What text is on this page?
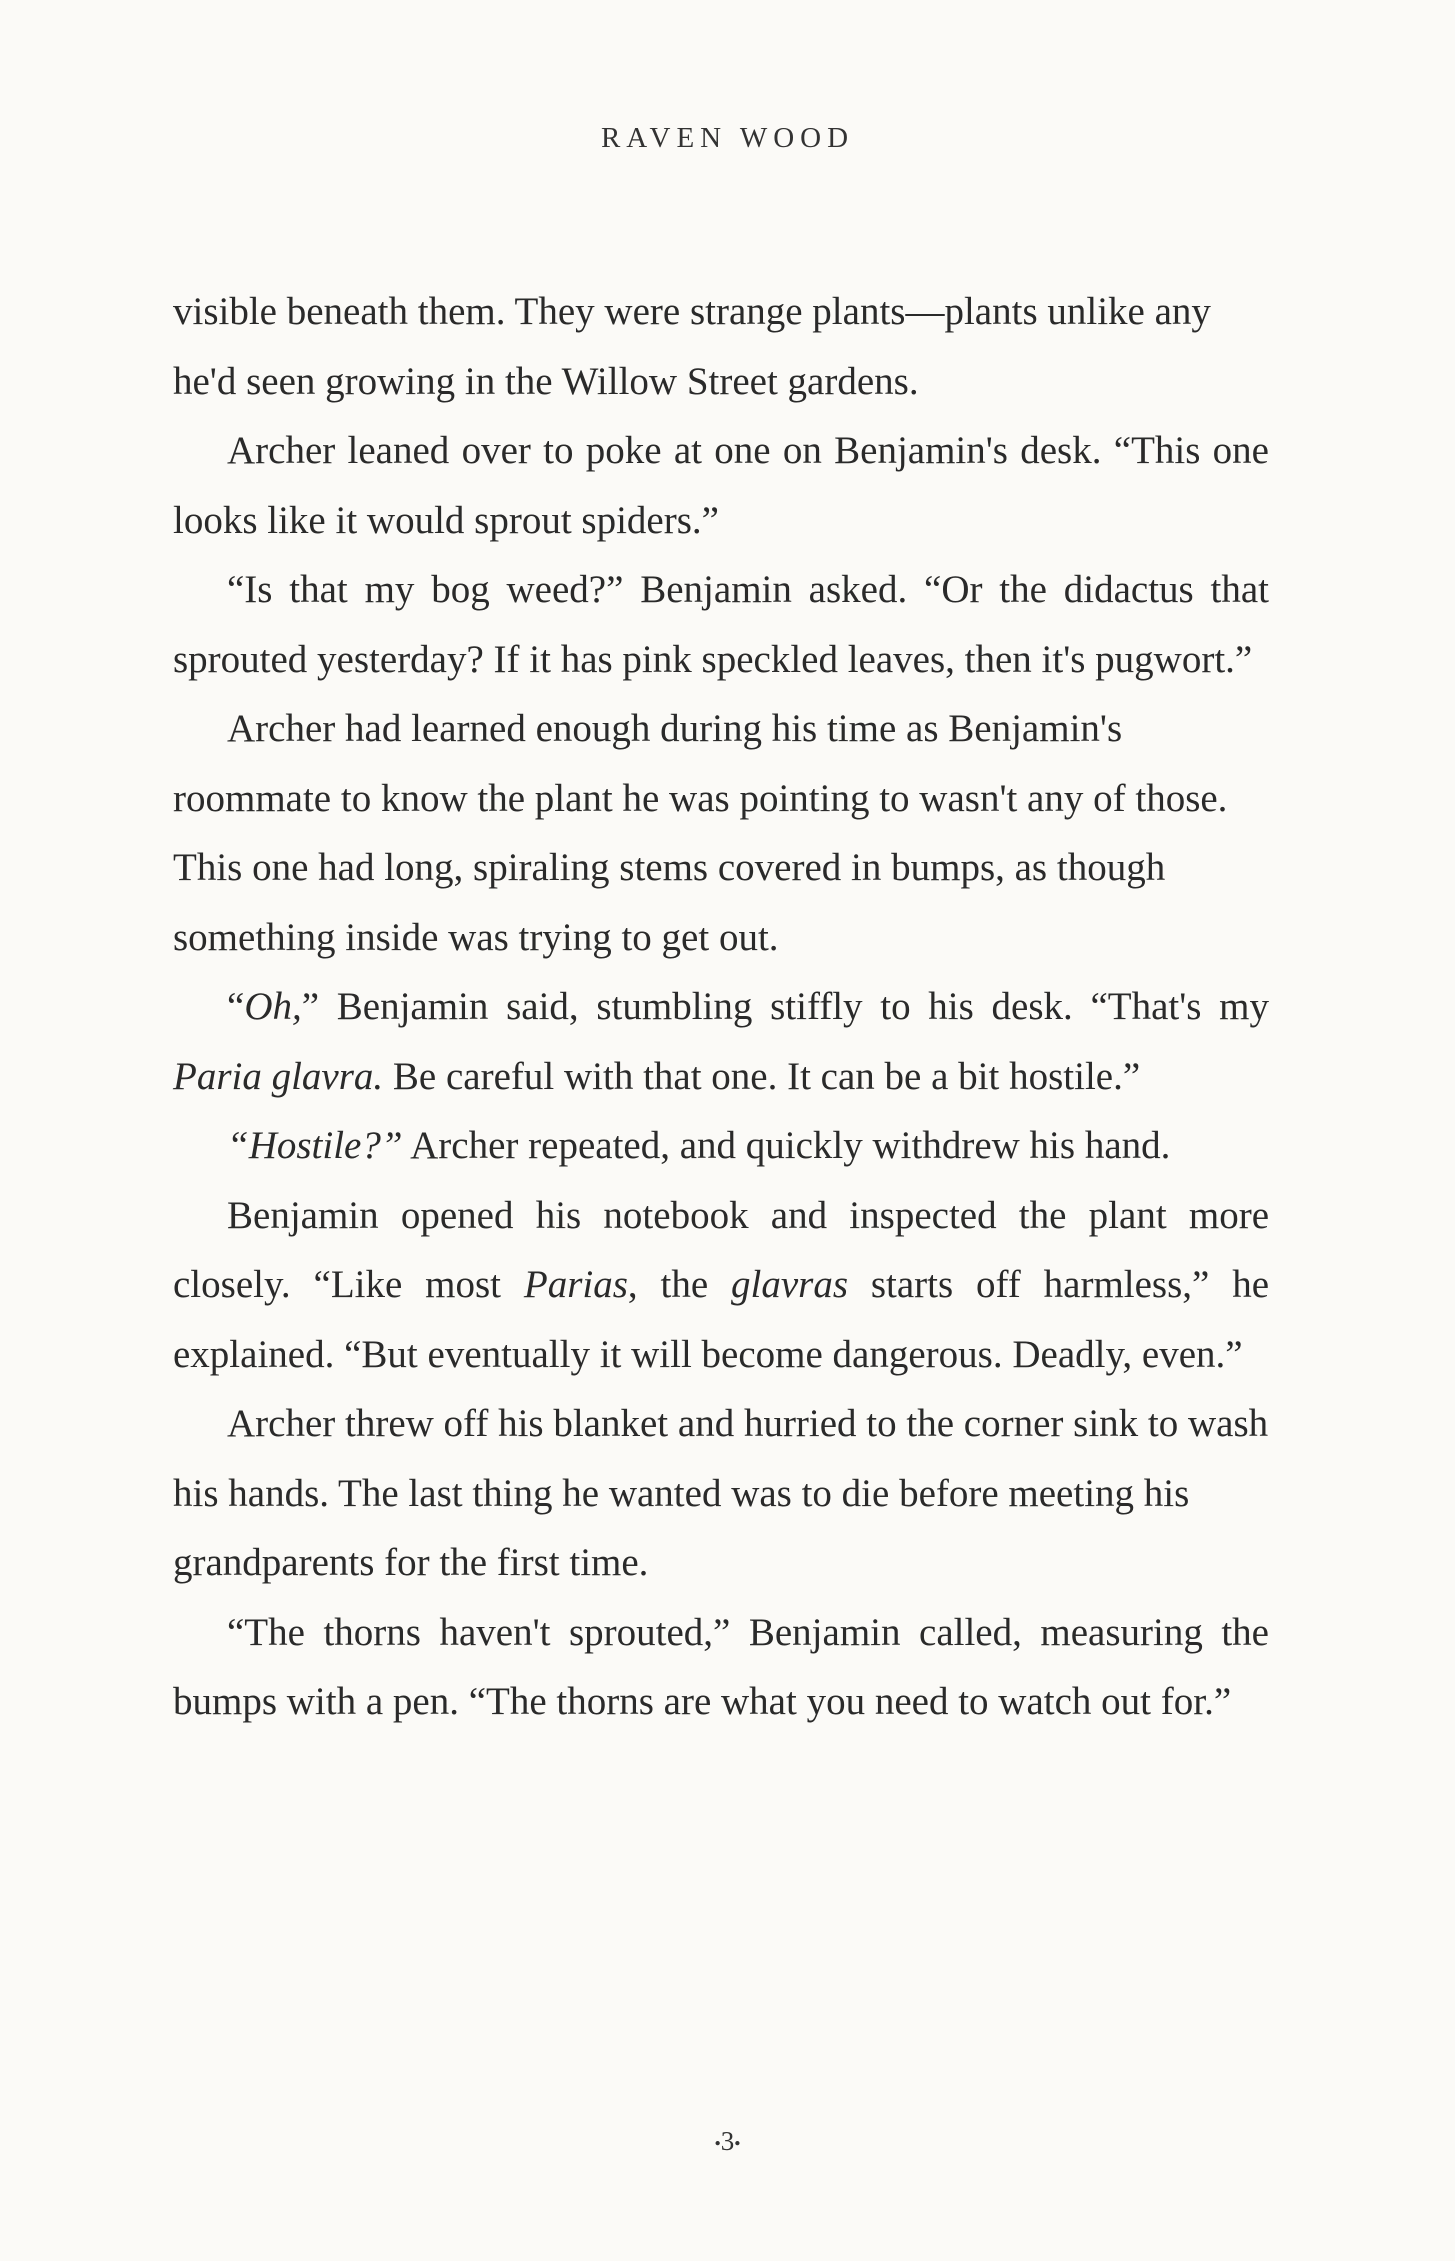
RAVEN WOOD

visible beneath them. They were strange plants—plants unlike any he'd seen growing in the Willow Street gardens.

Archer leaned over to poke at one on Benjamin's desk. “This one looks like it would sprout spiders.”

“Is that my bog weed?” Benjamin asked. “Or the didactus that sprouted yesterday? If it has pink speckled leaves, then it's pugwort.”

Archer had learned enough during his time as Benjamin's roommate to know the plant he was pointing to wasn't any of those. This one had long, spiraling stems covered in bumps, as though something inside was trying to get out.

“Oh,” Benjamin said, stumbling stiffly to his desk. “That's my Paria glavra. Be careful with that one. It can be a bit hostile.”

“Hostile?” Archer repeated, and quickly withdrew his hand.

Benjamin opened his notebook and inspected the plant more closely. “Like most Parias, the glavras starts off harmless,” he explained. “But eventually it will become dangerous. Deadly, even.”

Archer threw off his blanket and hurried to the corner sink to wash his hands. The last thing he wanted was to die before meeting his grandparents for the first time.

“The thorns haven't sprouted,” Benjamin called, measuring the bumps with a pen. “The thorns are what you need to watch out for.”

•3•
